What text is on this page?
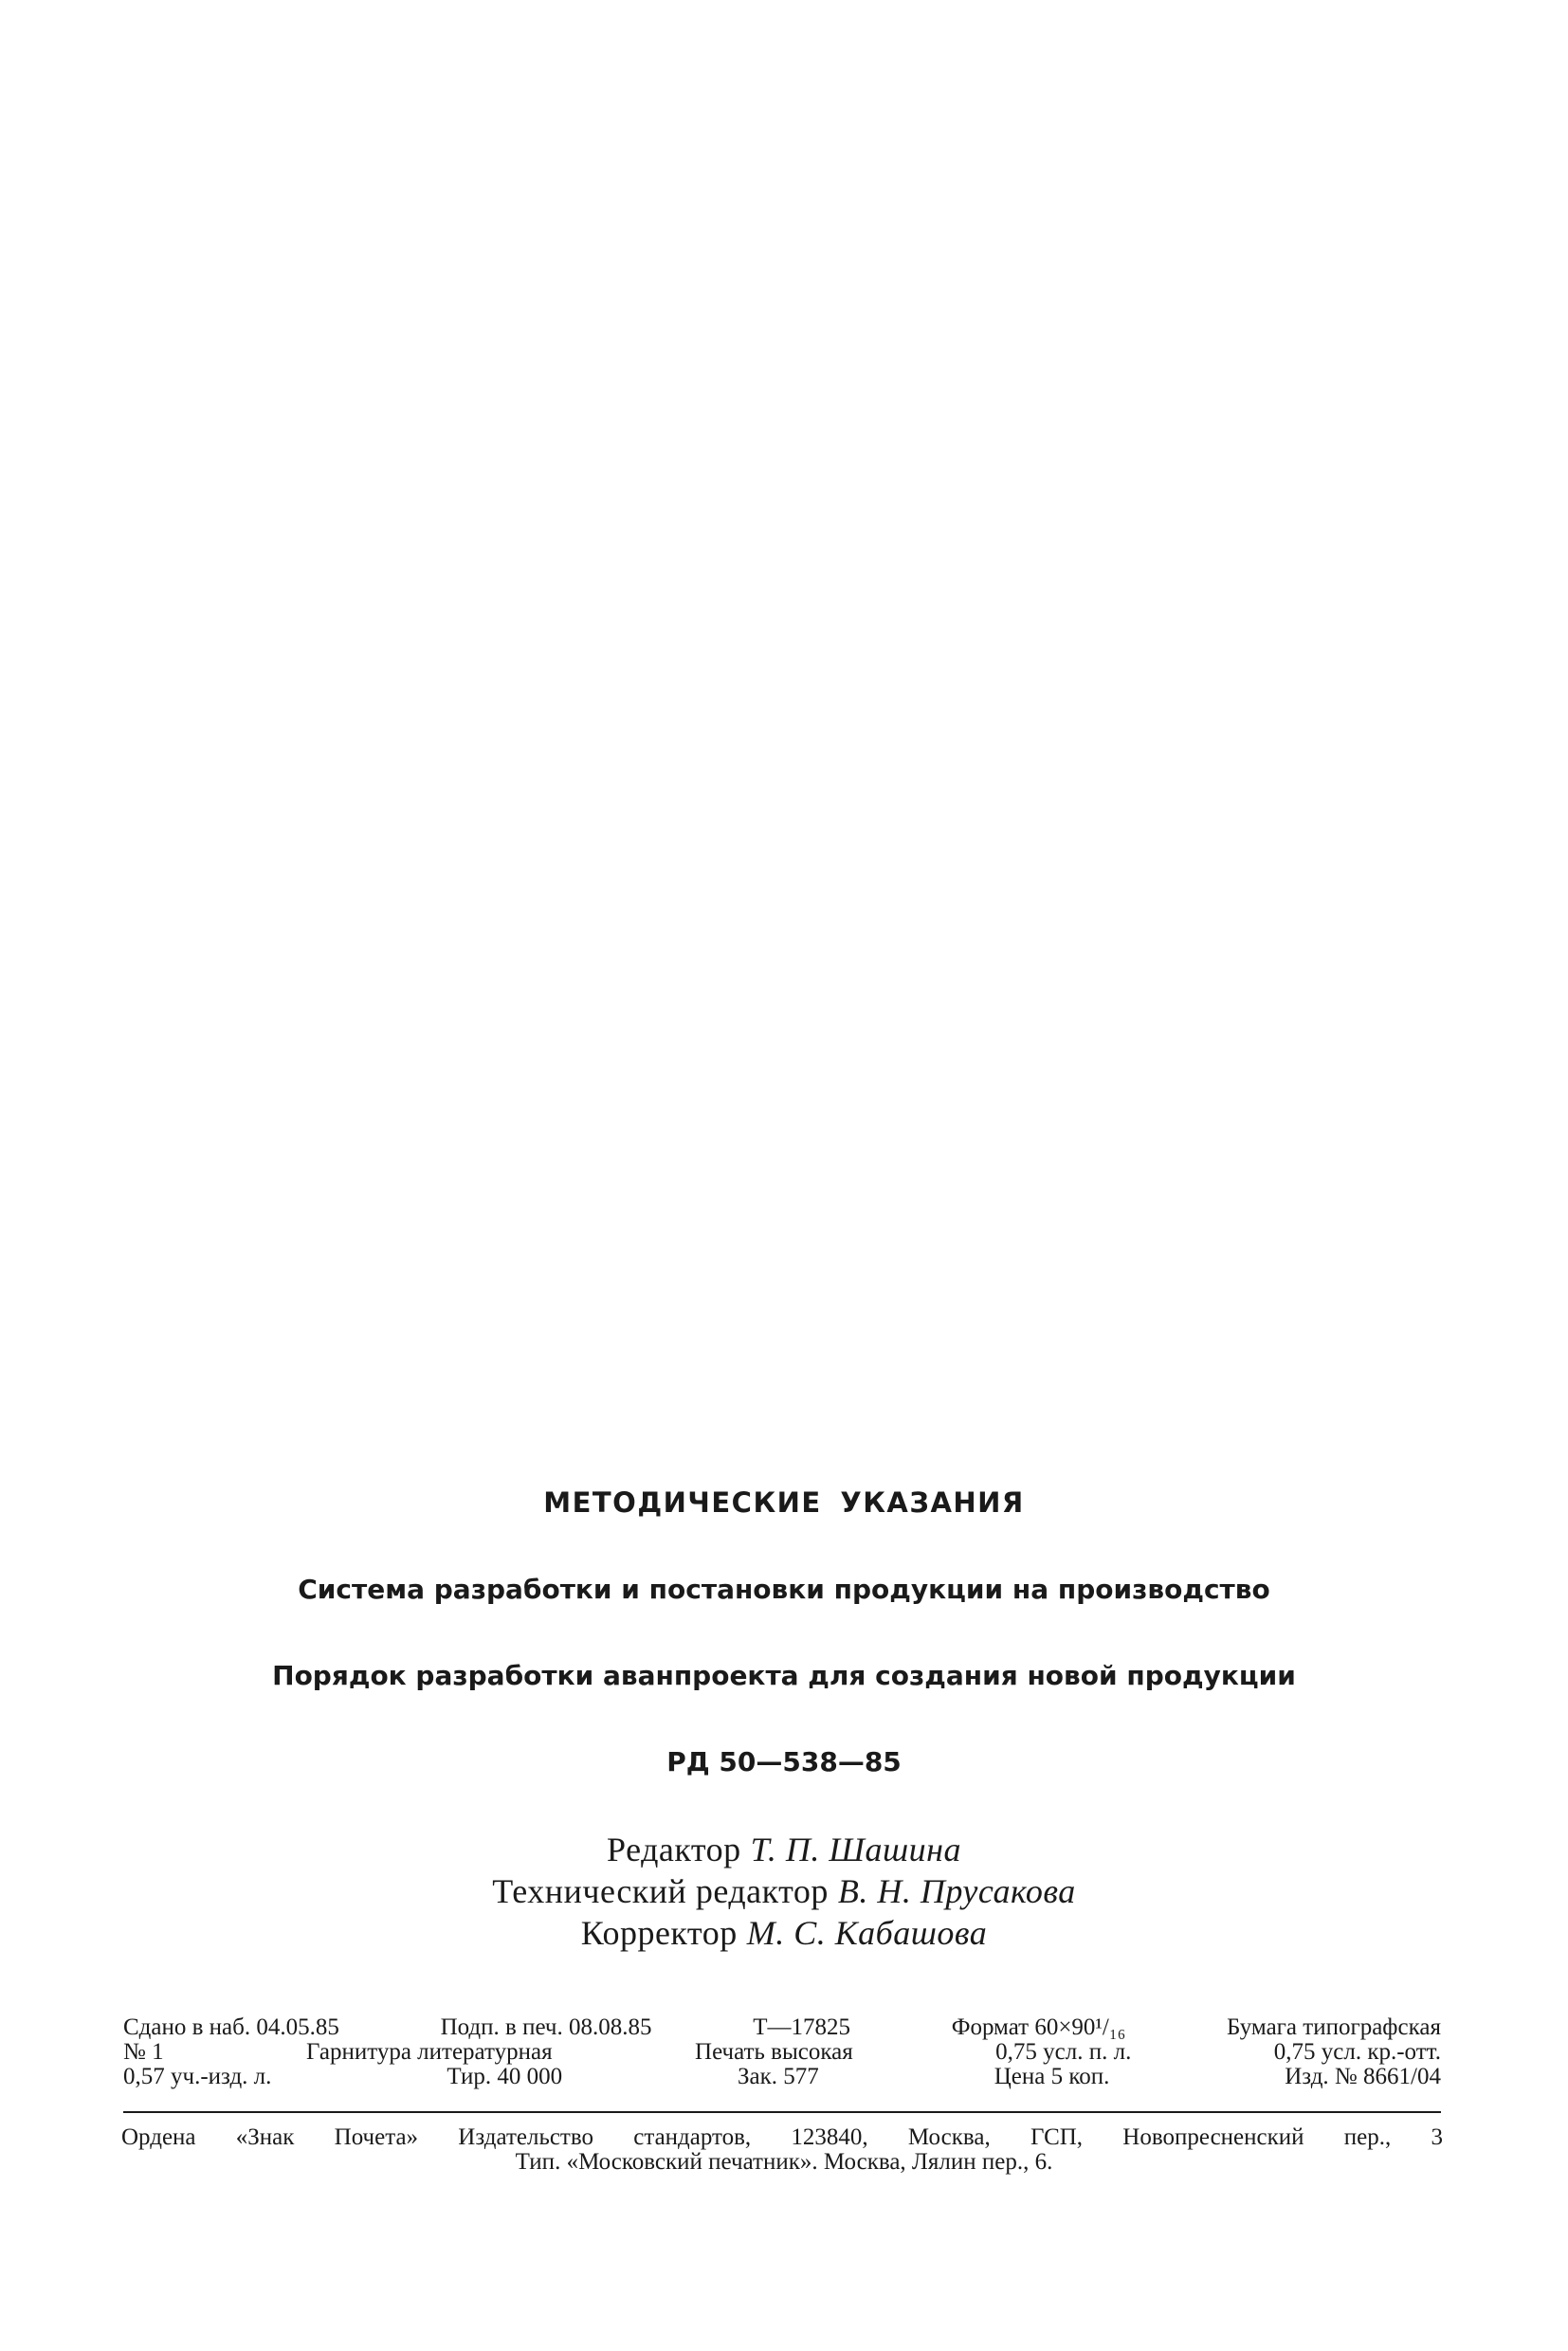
МЕТОДИЧЕСКИЕ УКАЗАНИЯ
Система разработки и постановки продукции на производство
Порядок разработки аванпроекта для создания новой продукции
РД 50—538—85
Редактор Т. П. Шашина
Технический редактор В. Н. Прусакова
Корректор М. С. Кабашова
Сдано в наб. 04.05.85	Подп. в печ. 08.08.85	Т—17825	Формат 60×90¹/₁₆	Бумага типографская
№ 1	Гарнитура литературная	Печать высокая	0,75 усл. п. л.	0,75 усл. кр.-отт.
0,57 уч.-изд. л.	Тир. 40 000	Зак. 577	Цена 5 коп.	Изд. № 8661/04
Ордена «Знак Почета» Издательство стандартов, 123840, Москва, ГСП, Новопресненский пер., 3
Тип. «Московский печатник». Москва, Лялин пер., 6.
